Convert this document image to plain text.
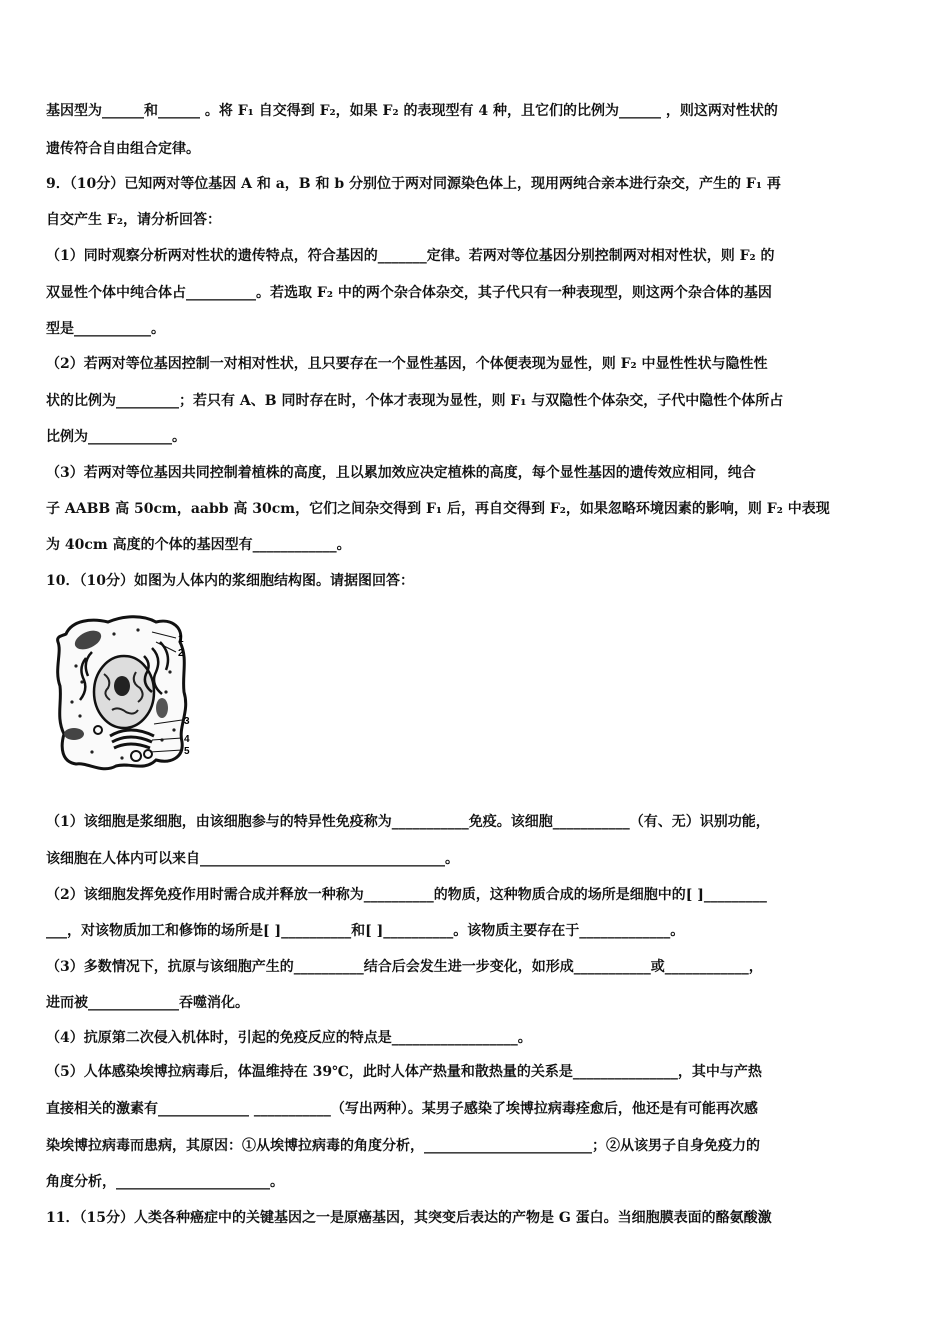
基因型为______和______ 。将 F₁ 自交得到 F₂，如果 F₂ 的表现型有 4 种，且它们的比例为______ ，则这两对性状的
遗传符合自由组合定律。
9．（10分）已知两对等位基因 A 和 a，B 和 b 分别位于两对同源染色体上，现用两纯合亲本进行杂交，产生的 F₁ 再
自交产生 F₂，请分析回答：
（1）同时观察分析两对性状的遗传特点，符合基因的_______定律。若两对等位基因分别控制两对相对性状，则 F₂ 的
双显性个体中纯合体占__________。若选取 F₂ 中的两个杂合体杂交，其子代只有一种表现型，则这两个杂合体的基因
型是___________。
（2）若两对等位基因控制一对相对性状，且只要存在一个显性基因，个体便表现为显性，则 F₂ 中显性性状与隐性性
状的比例为_________；若只有 A、B 同时存在时，个体才表现为显性，则 F₁ 与双隐性个体杂交，子代中隐性个体所占
比例为____________。
（3）若两对等位基因共同控制着植株的高度，且以累加效应决定植株的高度，每个显性基因的遗传效应相同，纯合
子 AABB 高 50cm，aabb 高 30cm，它们之间杂交得到 F₁ 后，再自交得到 F₂，如果忽略环境因素的影响，则 F₂ 中表现
为 40cm 高度的个体的基因型有____________。
10．（10分）如图为人体内的浆细胞结构图。请据图回答：
1
2
3
4
5
（1）该细胞是浆细胞，由该细胞参与的特异性免疫称为___________免疫。该细胞___________（有、无）识别功能，
该细胞在人体内可以来自___________________________________。
（2）该细胞发挥免疫作用时需合成并释放一种称为__________的物质，这种物质合成的场所是细胞中的[ ]_________
___，对该物质加工和修饰的场所是[ ]__________和[ ]__________。该物质主要存在于_____________。
（3）多数情况下，抗原与该细胞产生的__________结合后会发生进一步变化，如形成___________或____________，
进而被_____________吞噬消化。
（4）抗原第二次侵入机体时，引起的免疫反应的特点是__________________。
（5）人体感染埃博拉病毒后，体温维持在 39℃，此时人体产热量和散热量的关系是_______________，其中与产热
直接相关的激素有_____________ ___________（写出两种）。某男子感染了埃博拉病毒痊愈后，他还是有可能再次感
染埃博拉病毒而患病，其原因：①从埃博拉病毒的角度分析，________________________；②从该男子自身免疫力的
角度分析，______________________。
11．（15分）人类各种癌症中的关键基因之一是原癌基因，其突变后表达的产物是 G 蛋白。当细胞膜表面的酪氨酸激
